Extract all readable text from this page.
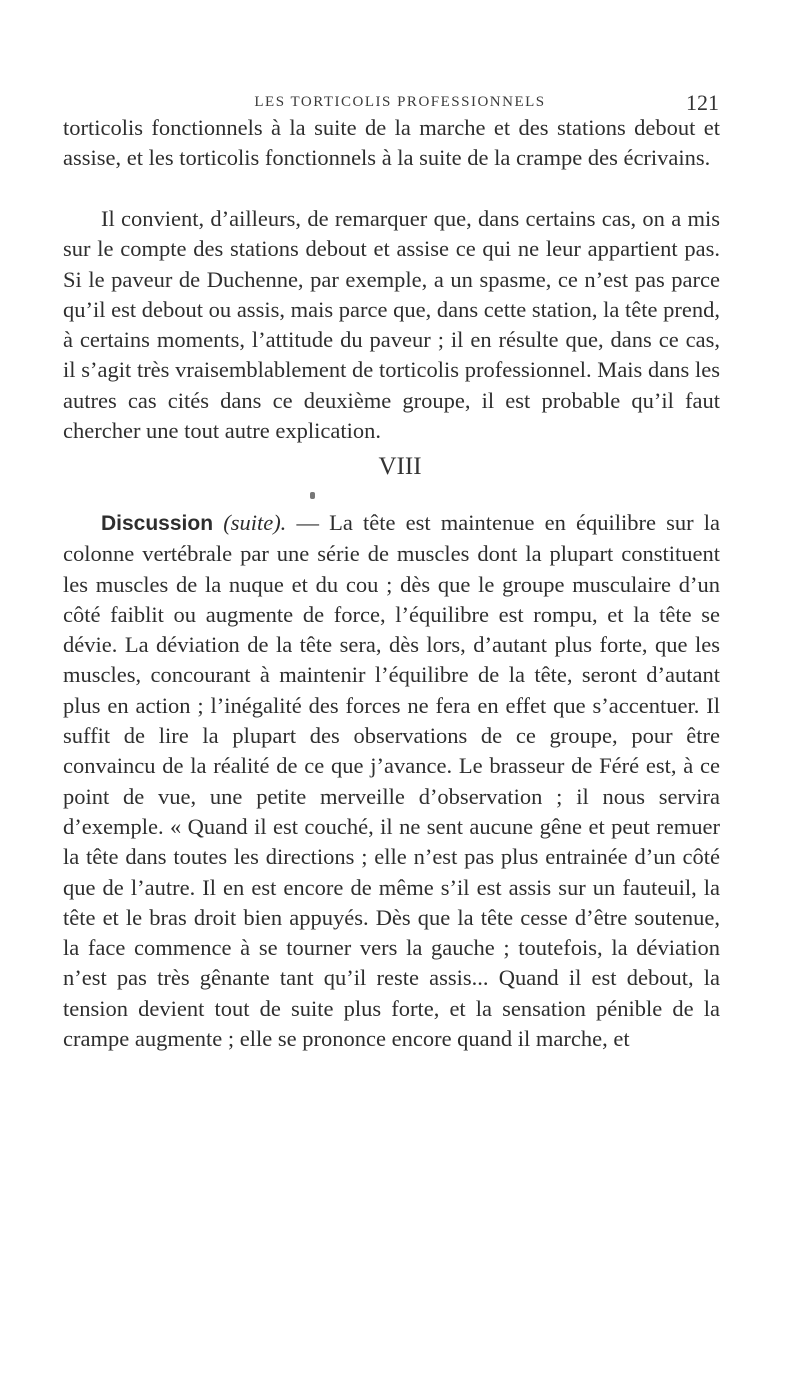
LES TORTICOLIS PROFESSIONNELS	121

torticolis fonctionnels à la suite de la marche et des stations debout et assise, et les torticolis fonctionnels à la suite de la crampe des écrivains.

Il convient, d’ailleurs, de remarquer que, dans certains cas, on a mis sur le compte des stations debout et assise ce qui ne leur appartient pas. Si le paveur de Duchenne, par exemple, a un spasme, ce n’est pas parce qu’il est debout ou assis, mais parce que, dans cette station, la tête prend, à certains moments, l’attitude du paveur ; il en résulte que, dans ce cas, il s’agit très vraisemblablement de torticolis professionnel. Mais dans les autres cas cités dans ce deuxième groupe, il est probable qu’il faut chercher une tout autre explication.

VIII

Discussion (suite). — La tête est maintenue en équilibre sur la colonne vertébrale par une série de muscles dont la plupart constituent les muscles de la nuque et du cou ; dès que le groupe musculaire d’un côté faiblit ou augmente de force, l’équilibre est rompu, et la tête se dévie. La déviation de la tête sera, dès lors, d’autant plus forte, que les muscles, concourant à maintenir l’équilibre de la tête, seront d’autant plus en action ; l’inégalité des forces ne fera en effet que s’accentuer. Il suffit de lire la plupart des observations de ce groupe, pour être convaincu de la réalité de ce que j’avance. Le brasseur de Féré est, à ce point de vue, une petite merveille d’observation ; il nous servira d’exemple. « Quand il est couché, il ne sent aucune gêne et peut remuer la tête dans toutes les directions ; elle n’est pas plus entrainée d’un côté que de l’autre. Il en est encore de même s’il est assis sur un fauteuil, la tête et le bras droit bien appuyés. Dès que la tête cesse d’être soutenue, la face commence à se tourner vers la gauche ; toutefois, la déviation n’est pas très gênante tant qu’il reste assis... Quand il est debout, la tension devient tout de suite plus forte, et la sensation pénible de la crampe augmente ; elle se prononce encore quand il marche, et
